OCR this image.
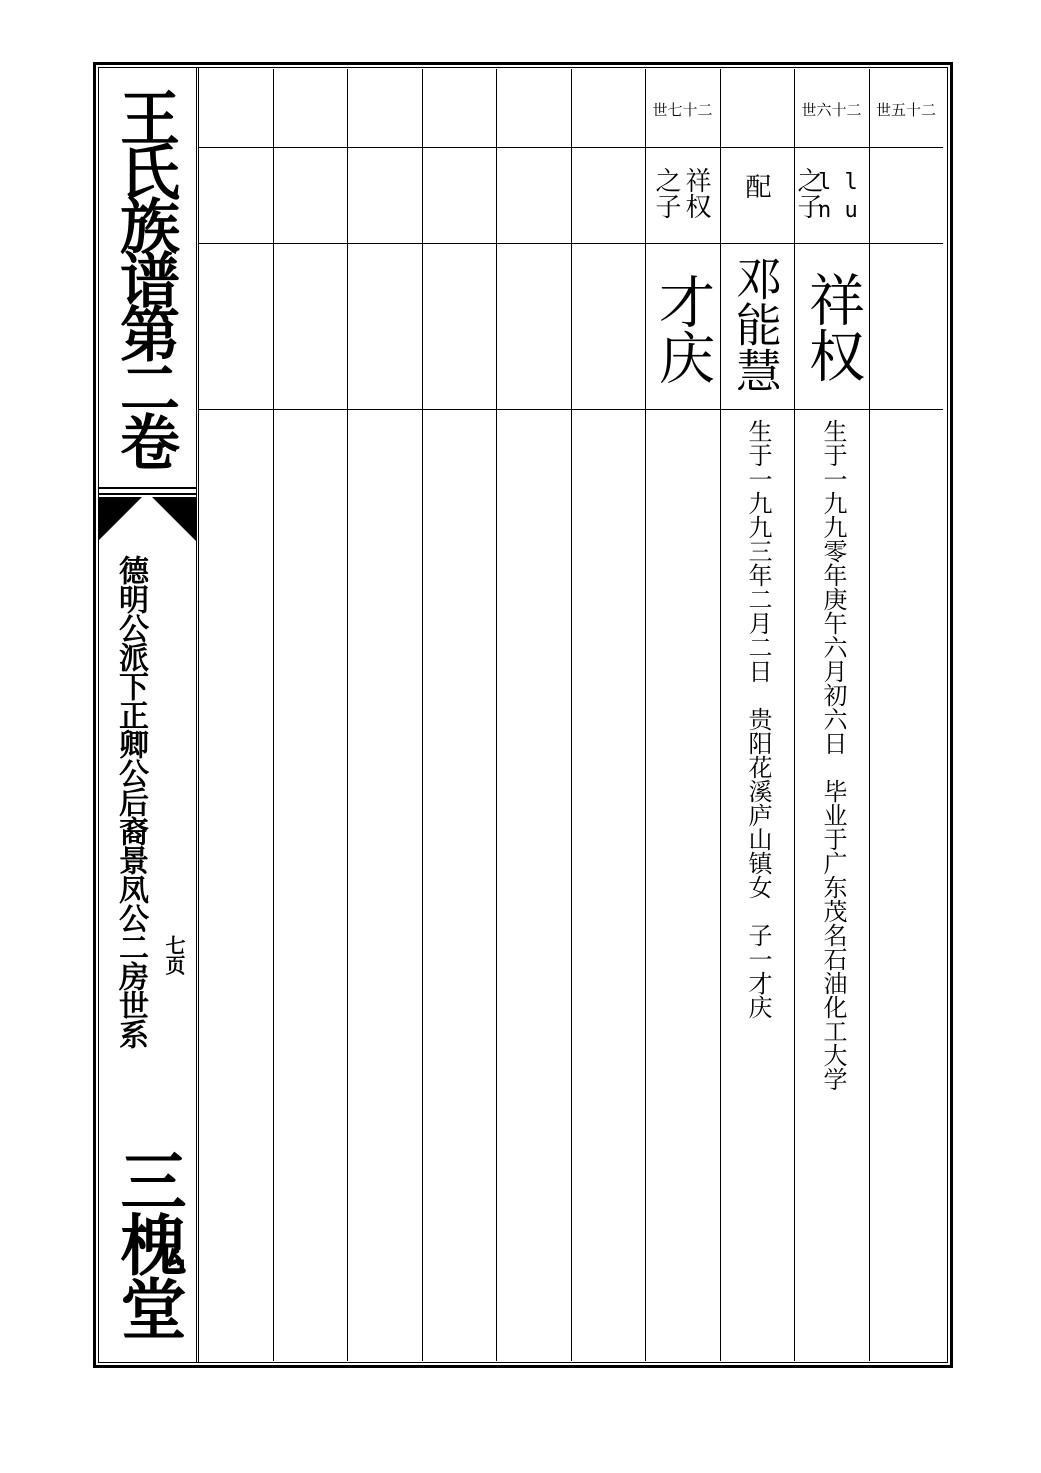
王氏族谱第二卷
德明公派下正卿公后裔景凤公二房世系 七页
三槐堂
世五十二
世六十二
世七十二
之子
l l
n u
配
之子 祥权
祥权
邓能慧
才庆
生于一九九零年庚午六月初六日　毕业于广东茂名石油化工大学
生于一九九三年二月二日　贵阳花溪庐山镇女　子一才庆
